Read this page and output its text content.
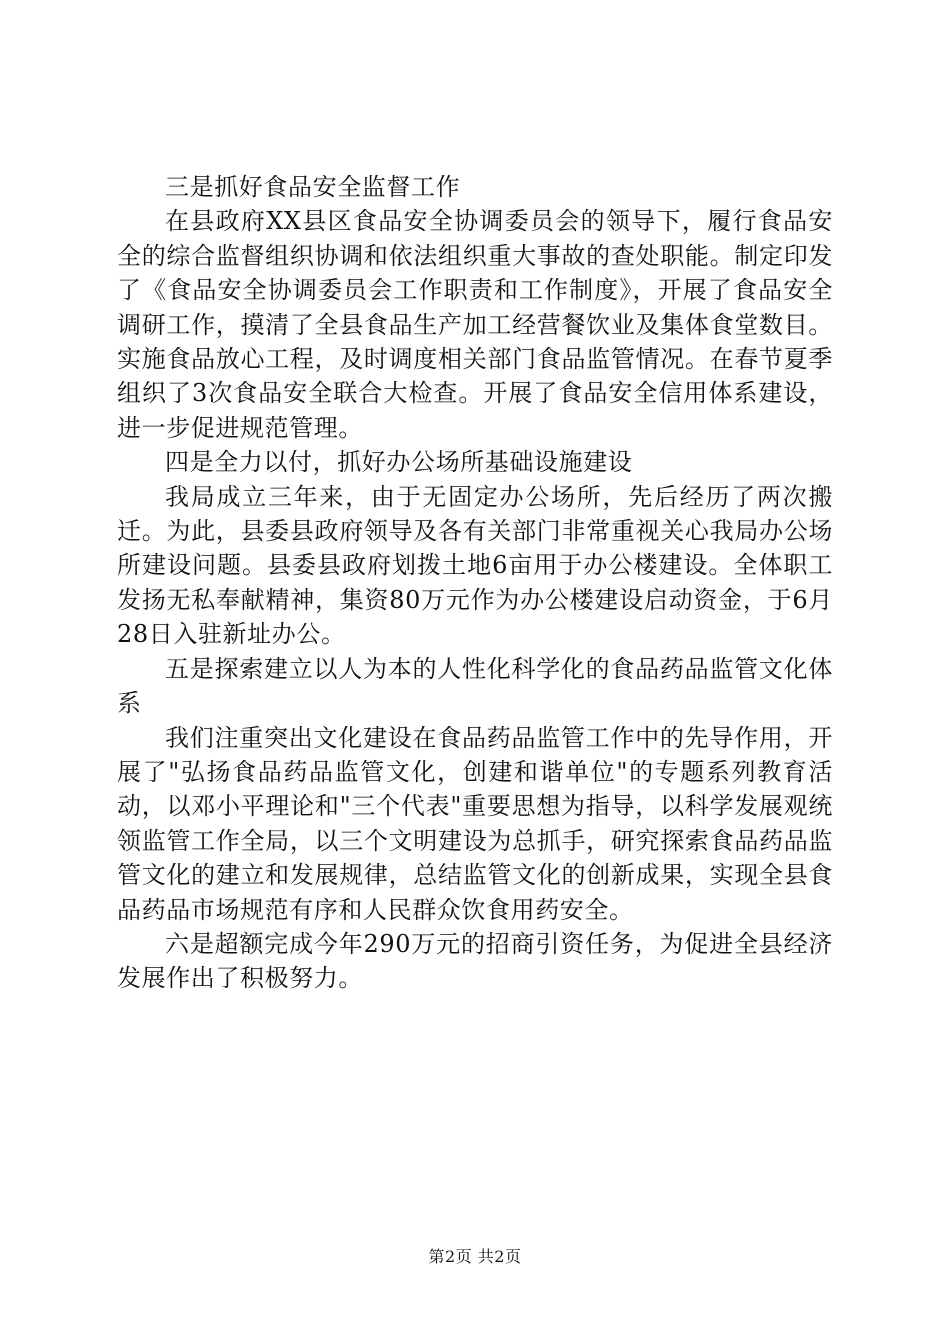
三是抓好食品安全监督工作

在县政府XX县区食品安全协调委员会的领导下，履行食品安全的综合监督组织协调和依法组织重大事故的查处职能。制定印发了《食品安全协调委员会工作职责和工作制度》，开展了食品安全调研工作，摸清了全县食品生产加工经营餐饮业及集体食堂数目。实施食品放心工程，及时调度相关部门食品监管情况。在春节夏季组织了3次食品安全联合大检查。开展了食品安全信用体系建设，进一步促进规范管理。

四是全力以付，抓好办公场所基础设施建设

我局成立三年来，由于无固定办公场所，先后经历了两次搬迁。为此，县委县政府领导及各有关部门非常重视关心我局办公场所建设问题。县委县政府划拨土地6亩用于办公楼建设。全体职工发扬无私奉献精神，集资80万元作为办公楼建设启动资金，于6月28日入驻新址办公。

五是探索建立以人为本的人性化科学化的食品药品监管文化体系

我们注重突出文化建设在食品药品监管工作中的先导作用，开展了"弘扬食品药品监管文化，创建和谐单位"的专题系列教育活动，以邓小平理论和"三个代表"重要思想为指导，以科学发展观统领监管工作全局，以三个文明建设为总抓手，研究探索食品药品监管文化的建立和发展规律，总结监管文化的创新成果，实现全县食品药品市场规范有序和人民群众饮食用药安全。

六是超额完成今年290万元的招商引资任务，为促进全县经济发展作出了积极努力。

第2页 共2页
